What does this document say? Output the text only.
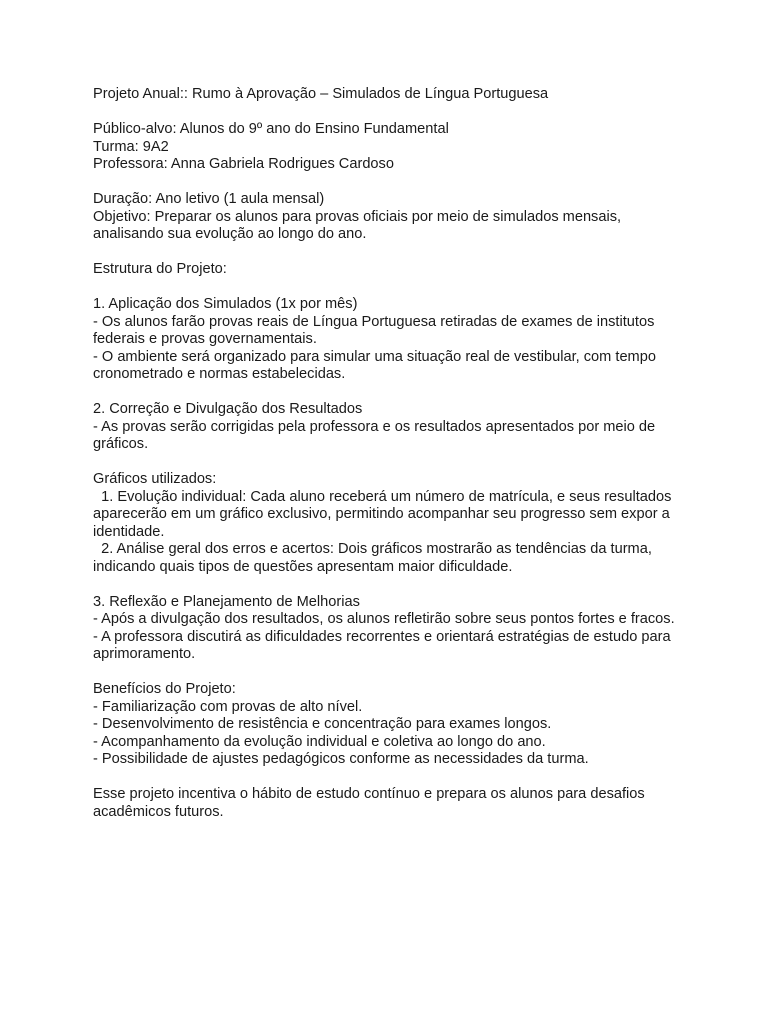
Projeto Anual:: Rumo à Aprovação – Simulados de Língua Portuguesa

Público-alvo: Alunos do 9º ano do Ensino Fundamental
Turma: 9A2
Professora: Anna Gabriela Rodrigues Cardoso

Duração: Ano letivo (1 aula mensal)
Objetivo: Preparar os alunos para provas oficiais por meio de simulados mensais, analisando sua evolução ao longo do ano.

Estrutura do Projeto:

1. Aplicação dos Simulados (1x por mês)
- Os alunos farão provas reais de Língua Portuguesa retiradas de exames de institutos federais e provas governamentais.
- O ambiente será organizado para simular uma situação real de vestibular, com tempo cronometrado e normas estabelecidas.

2. Correção e Divulgação dos Resultados
- As provas serão corrigidas pela professora e os resultados apresentados por meio de gráficos.

Gráficos utilizados:
1. Evolução individual: Cada aluno receberá um número de matrícula, e seus resultados aparecerão em um gráfico exclusivo, permitindo acompanhar seu progresso sem expor a identidade.
2. Análise geral dos erros e acertos: Dois gráficos mostrarão as tendências da turma, indicando quais tipos de questões apresentam maior dificuldade.

3. Reflexão e Planejamento de Melhorias
- Após a divulgação dos resultados, os alunos refletirão sobre seus pontos fortes e fracos.
- A professora discutirá as dificuldades recorrentes e orientará estratégias de estudo para aprimoramento.

Benefícios do Projeto:
- Familiarização com provas de alto nível.
- Desenvolvimento de resistência e concentração para exames longos.
- Acompanhamento da evolução individual e coletiva ao longo do ano.
- Possibilidade de ajustes pedagógicos conforme as necessidades da turma.

Esse projeto incentiva o hábito de estudo contínuo e prepara os alunos para desafios acadêmicos futuros.
